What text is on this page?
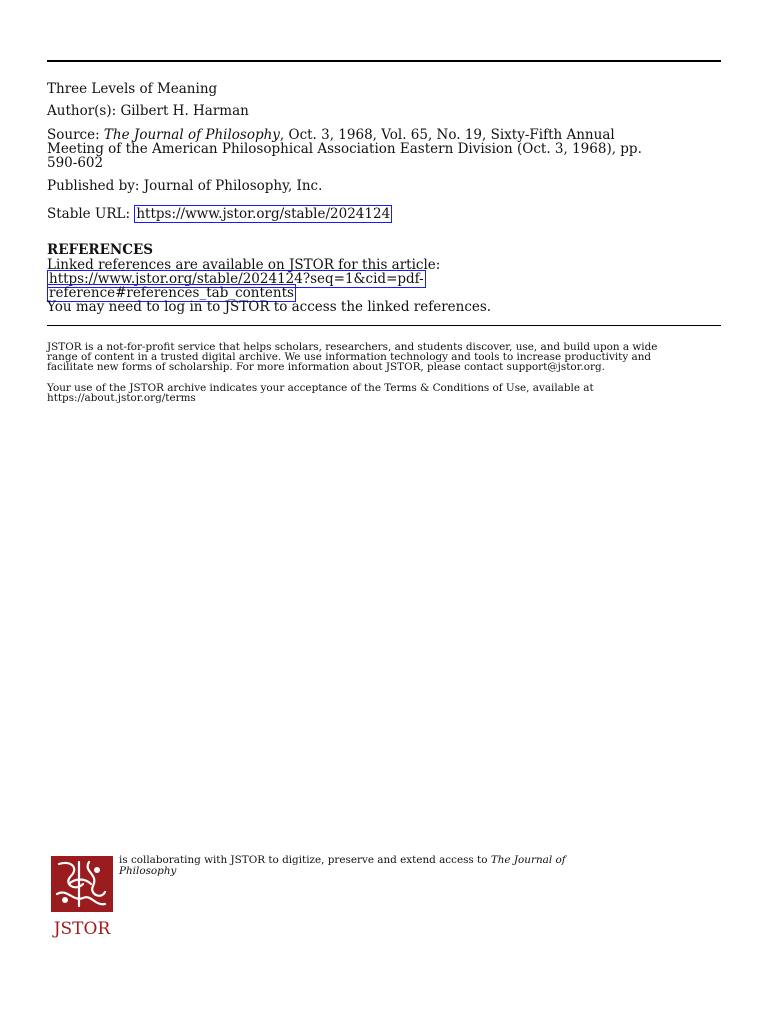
Three Levels of Meaning
Author(s): Gilbert H. Harman
Source: The Journal of Philosophy, Oct. 3, 1968, Vol. 65, No. 19, Sixty-Fifth Annual
Meeting of the American Philosophical Association Eastern Division (Oct. 3, 1968), pp.
590-602
Published by: Journal of Philosophy, Inc.
Stable URL: https://www.jstor.org/stable/2024124
REFERENCES
Linked references are available on JSTOR for this article:
https://www.jstor.org/stable/2024124?seq=1&cid=pdf-
reference#references_tab_contents
You may need to log in to JSTOR to access the linked references.
JSTOR is a not-for-profit service that helps scholars, researchers, and students discover, use, and build upon a wide
range of content in a trusted digital archive. We use information technology and tools to increase productivity and
facilitate new forms of scholarship. For more information about JSTOR, please contact support@jstor.org.
Your use of the JSTOR archive indicates your acceptance of the Terms & Conditions of Use, available at
https://about.jstor.org/terms
JSTOR
is collaborating with JSTOR to digitize, preserve and extend access to The Journal of
Philosophy
